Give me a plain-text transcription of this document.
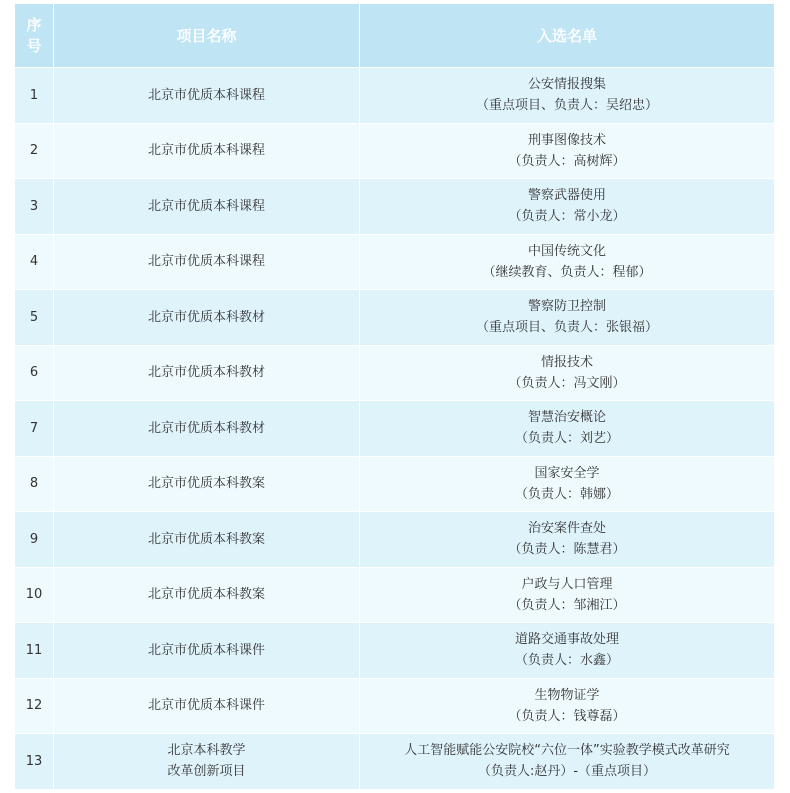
序
号	项目名称	入选名单
1	北京市优质本科课程	公安情报搜集
（重点项目、负责人：吴绍忠）

2	北京市优质本科课程	刑事图像技术
（负责人：高树辉）

3	北京市优质本科课程	警察武器使用
（负责人：常小龙）

4	北京市优质本科课程	中国传统文化
（继续教育、负责人：程郁）

5	北京市优质本科教材	警察防卫控制
（重点项目、负责人：张银福）

6	北京市优质本科教材	情报技术
（负责人：冯文刚）

7	北京市优质本科教材	智慧治安概论
（负责人：刘艺）

8	北京市优质本科教案	国家安全学
（负责人：韩娜）

9	北京市优质本科教案	治安案件查处
（负责人：陈慧君）

10	北京市优质本科教案	户政与人口管理
（负责人：邹湘江）

11	北京市优质本科课件	道路交通事故处理
（负责人：水鑫）

12	北京市优质本科课件	生物物证学
（负责人：钱尊磊）

13	北京本科教学
改革创新项目	人工智能赋能公安院校“六位一体”实验教学模式改革研究
（负责人:赵丹）-（重点项目）
